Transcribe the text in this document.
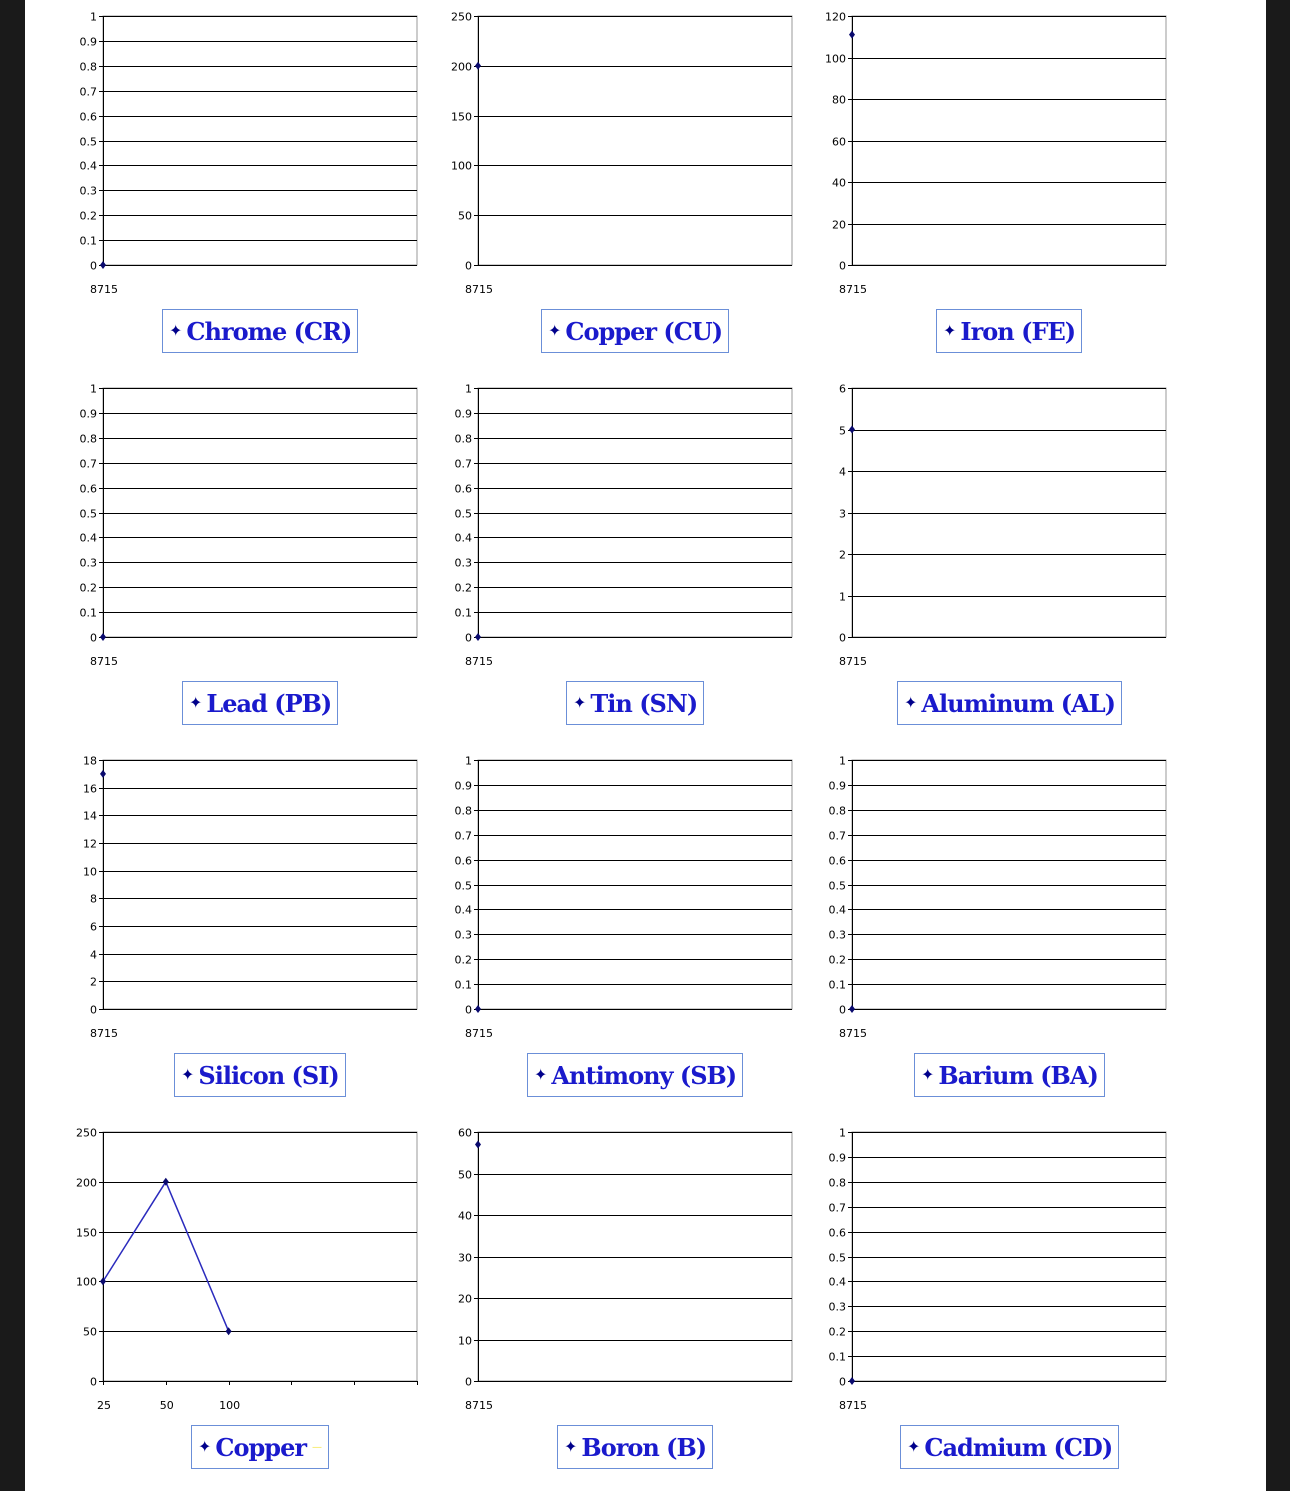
0
0.1
0.2
0.3
0.4
0.5
0.6
0.7
0.8
0.9
1
8715
✦ Chrome (CR)
0
50
100
150
200
250
8715
✦ Copper (CU)
0
20
40
60
80
100
120
8715
✦ Iron (FE)
0
0.1
0.2
0.3
0.4
0.5
0.6
0.7
0.8
0.9
1
8715
✦ Lead (PB)
0
0.1
0.2
0.3
0.4
0.5
0.6
0.7
0.8
0.9
1
8715
✦ Tin (SN)
0
1
2
3
4
5
6
8715
✦ Aluminum (AL)
0
2
4
6
8
10
12
14
16
18
8715
✦ Silicon (SI)
0
0.1
0.2
0.3
0.4
0.5
0.6
0.7
0.8
0.9
1
8715
✦ Antimony (SB)
0
0.1
0.2
0.3
0.4
0.5
0.6
0.7
0.8
0.9
1
8715
✦ Barium (BA)
0
50
100
150
200
250
25	50	100
✦ Copper —
0
10
20
30
40
50
60
8715
✦ Boron (B)
0
0.1
0.2
0.3
0.4
0.5
0.6
0.7
0.8
0.9
1
8715
✦ Cadmium (CD)
